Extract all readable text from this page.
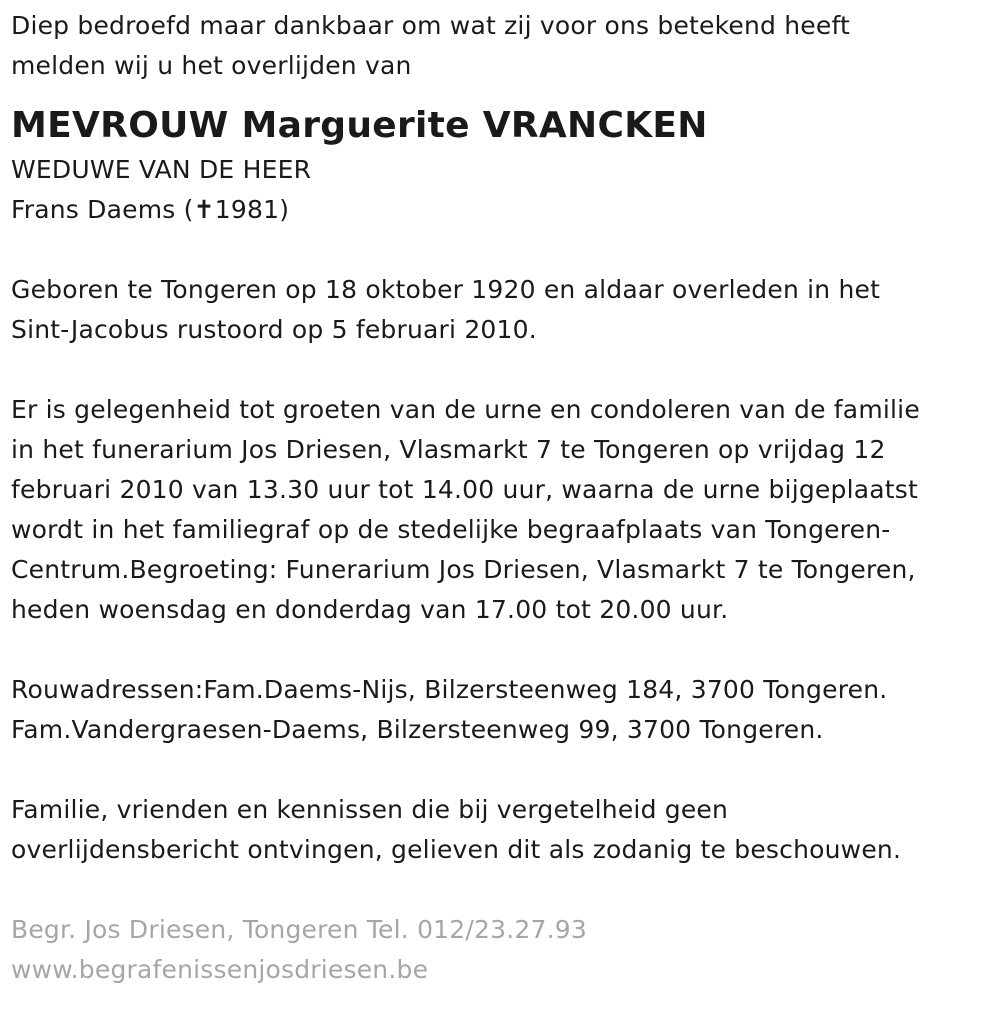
Diep bedroefd maar dankbaar om wat zij voor ons betekend heeft
melden wij u het overlijden van
MEVROUW Marguerite VRANCKEN
WEDUWE VAN DE HEER
Frans Daems (✝1981)
Geboren te Tongeren op 18 oktober 1920 en aldaar overleden in het
Sint-Jacobus rustoord op 5 februari 2010.
Er is gelegenheid tot groeten van de urne en condoleren van de familie
in het funerarium Jos Driesen, Vlasmarkt 7 te Tongeren op vrijdag 12
februari 2010 van 13.30 uur tot 14.00 uur, waarna de urne bijgeplaatst
wordt in het familiegraf op de stedelijke begraafplaats van Tongeren-
Centrum.Begroeting: Funerarium Jos Driesen, Vlasmarkt 7 te Tongeren,
heden woensdag en donderdag van 17.00 tot 20.00 uur.
Rouwadressen:Fam.Daems-Nijs, Bilzersteenweg 184, 3700 Tongeren.
Fam.Vandergraesen-Daems, Bilzersteenweg 99, 3700 Tongeren.
Familie, vrienden en kennissen die bij vergetelheid geen
overlijdensbericht ontvingen, gelieven dit als zodanig te beschouwen.
Begr. Jos Driesen, Tongeren Tel. 012/23.27.93
www.begrafenissenjosdriesen.be
